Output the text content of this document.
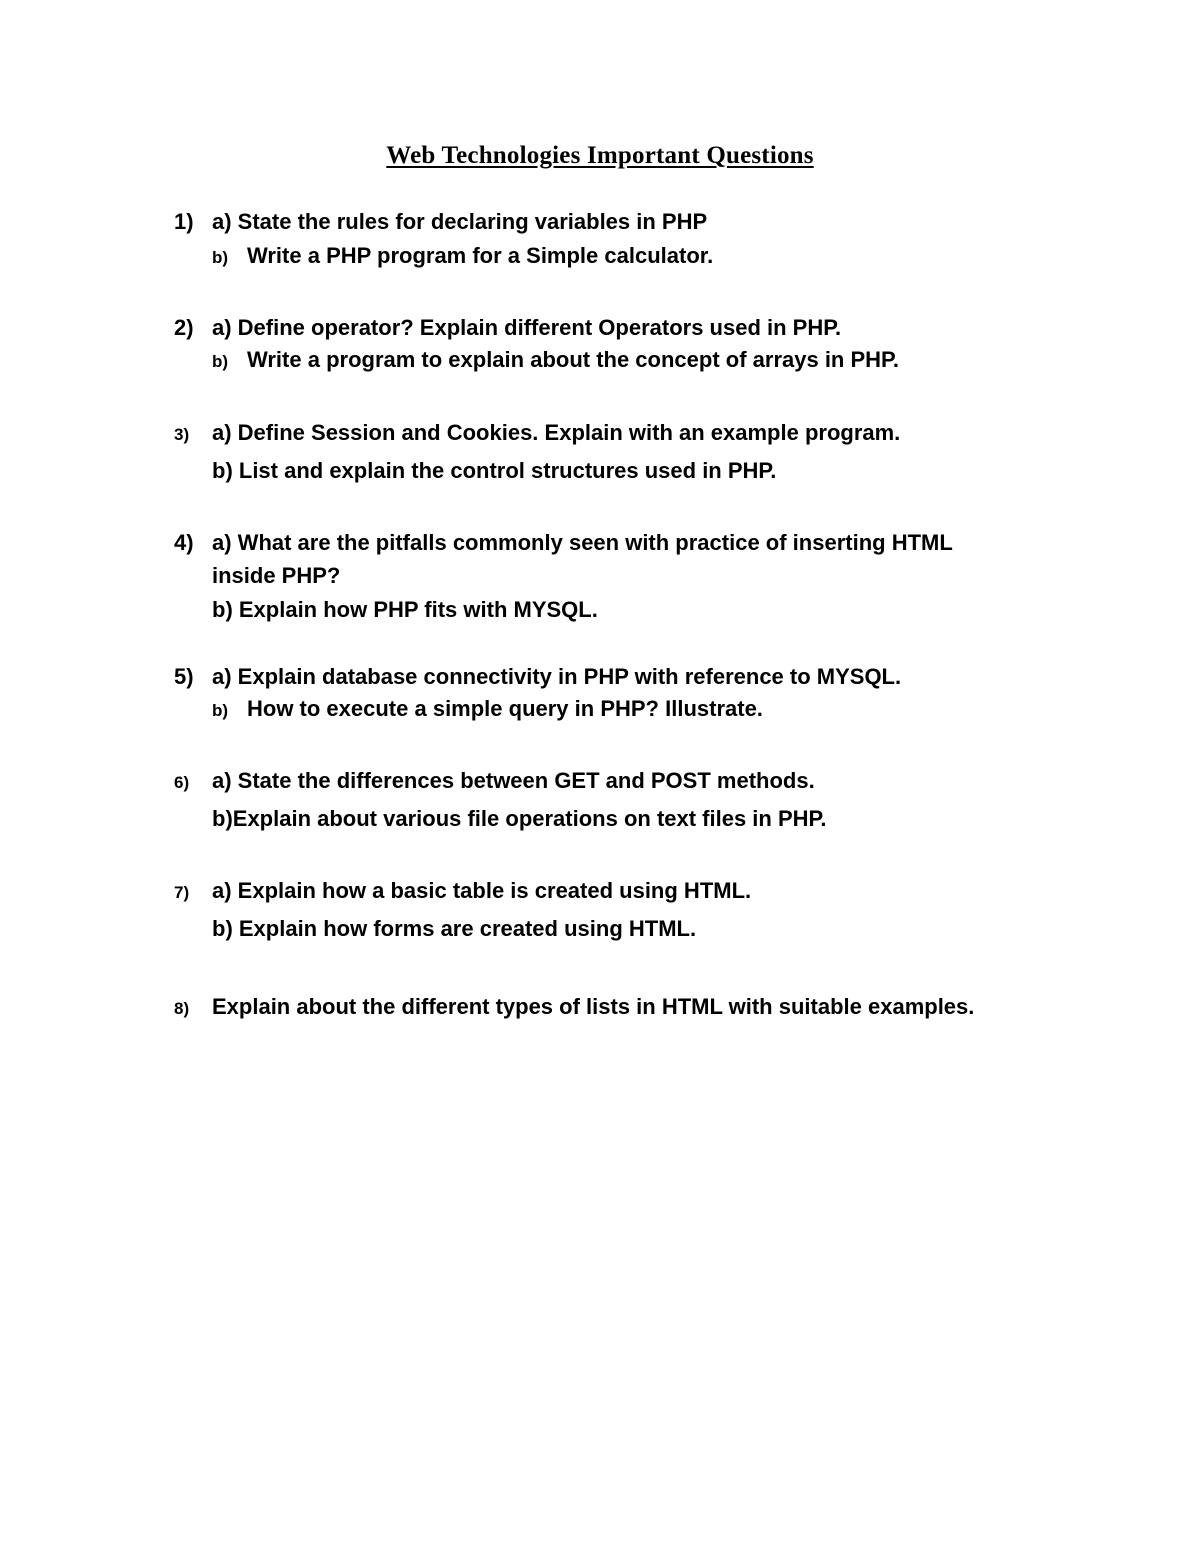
Web Technologies Important Questions
1) a) State the rules for declaring variables in PHP
b) Write a PHP program for a Simple calculator.
2) a) Define operator? Explain different Operators used in PHP.
b) Write a program to explain about the concept of arrays in PHP.
3) a) Define Session and Cookies. Explain with an example program.
b) List and explain the control structures used in PHP.
4) a) What are the pitfalls commonly seen with practice of inserting HTML
inside PHP?
b) Explain how PHP fits with MYSQL.
5) a) Explain database connectivity in PHP with reference to MYSQL.
b) How to execute a simple query in PHP? Illustrate.
6) a) State the differences between GET and POST methods.
b)Explain about various file operations on text files in PHP.
7) a) Explain how a basic table is created using HTML.
b) Explain how forms are created using HTML.
8) Explain about the different types of lists in HTML with suitable examples.
